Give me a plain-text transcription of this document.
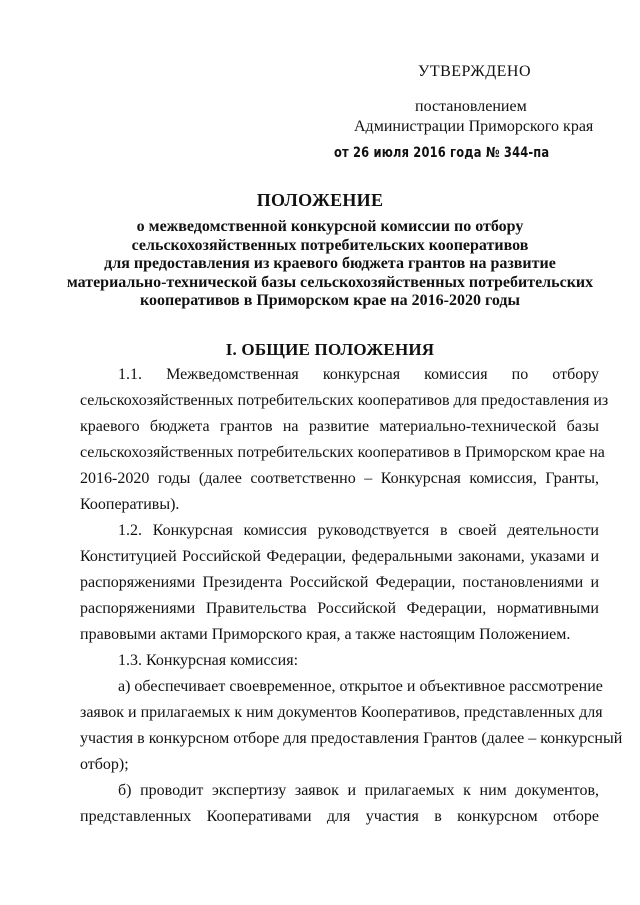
УТВЕРЖДЕНО
постановлением
Администрации Приморского края
от 26 июля 2016 года № 344-па
ПОЛОЖЕНИЕ
о межведомственной конкурсной комиссии по отбору
сельскохозяйственных потребительских кооперативов
для предоставления из краевого бюджета грантов на развитие
материально-технической базы сельскохозяйственных потребительских
кооперативов в Приморском крае на 2016-2020 годы
I. ОБЩИЕ ПОЛОЖЕНИЯ
1.1. Межведомственная конкурсная комиссия по отбору
сельскохозяйственных потребительских кооперативов для предоставления из
краевого бюджета грантов на развитие материально-технической базы
сельскохозяйственных потребительских кооперативов в Приморском крае на
2016-2020 годы (далее соответственно – Конкурсная комиссия, Гранты,
Кооперативы).
1.2. Конкурсная комиссия руководствуется в своей деятельности
Конституцией Российской Федерации, федеральными законами, указами и
распоряжениями Президента Российской Федерации, постановлениями и
распоряжениями Правительства Российской Федерации, нормативными
правовыми актами Приморского края, а также настоящим Положением.
1.3. Конкурсная комиссия:
а) обеспечивает своевременное, открытое и объективное рассмотрение
заявок и прилагаемых к ним документов Кооперативов, представленных для
участия в конкурсном отборе для предоставления Грантов (далее – конкурсный
отбор);
б) проводит экспертизу заявок и прилагаемых к ним документов,
представленных Кооперативами для участия в конкурсном отборе
